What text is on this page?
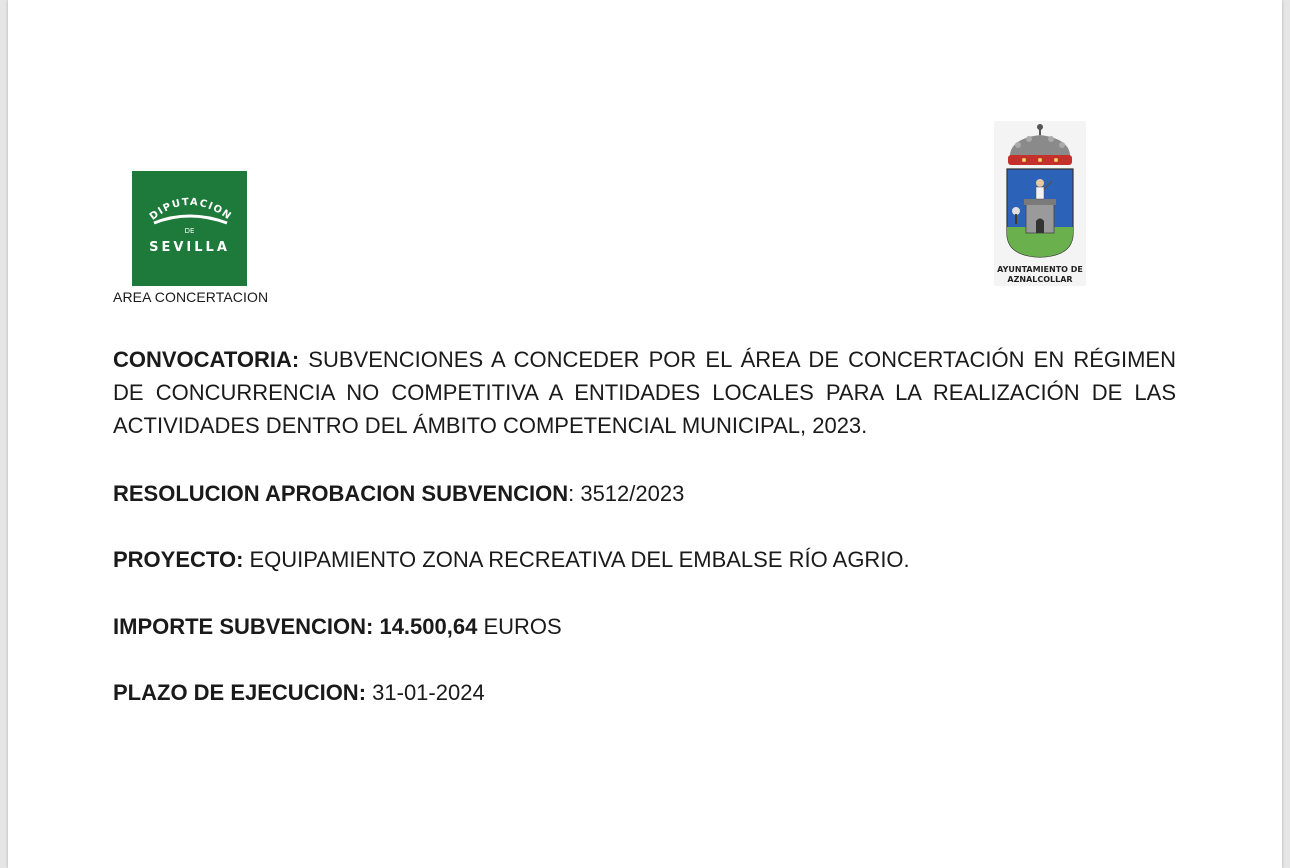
DIPUTACION
DE
SEVILLA
AREA CONCERTACION
AYUNTAMIENTO DE
AZNALCOLLAR
CONVOCATORIA: SUBVENCIONES A CONCEDER POR EL ÁREA DE CONCERTACIÓN EN RÉGIMEN DE CONCURRENCIA NO COMPETITIVA A ENTIDADES LOCALES PARA LA REALIZACIÓN DE LAS ACTIVIDADES DENTRO DEL ÁMBITO COMPETENCIAL MUNICIPAL, 2023.
RESOLUCION APROBACION SUBVENCION: 3512/2023
PROYECTO: EQUIPAMIENTO ZONA RECREATIVA DEL EMBALSE RÍO AGRIO.
IMPORTE SUBVENCION: 14.500,64 EUROS
PLAZO DE EJECUCION: 31-01-2024
